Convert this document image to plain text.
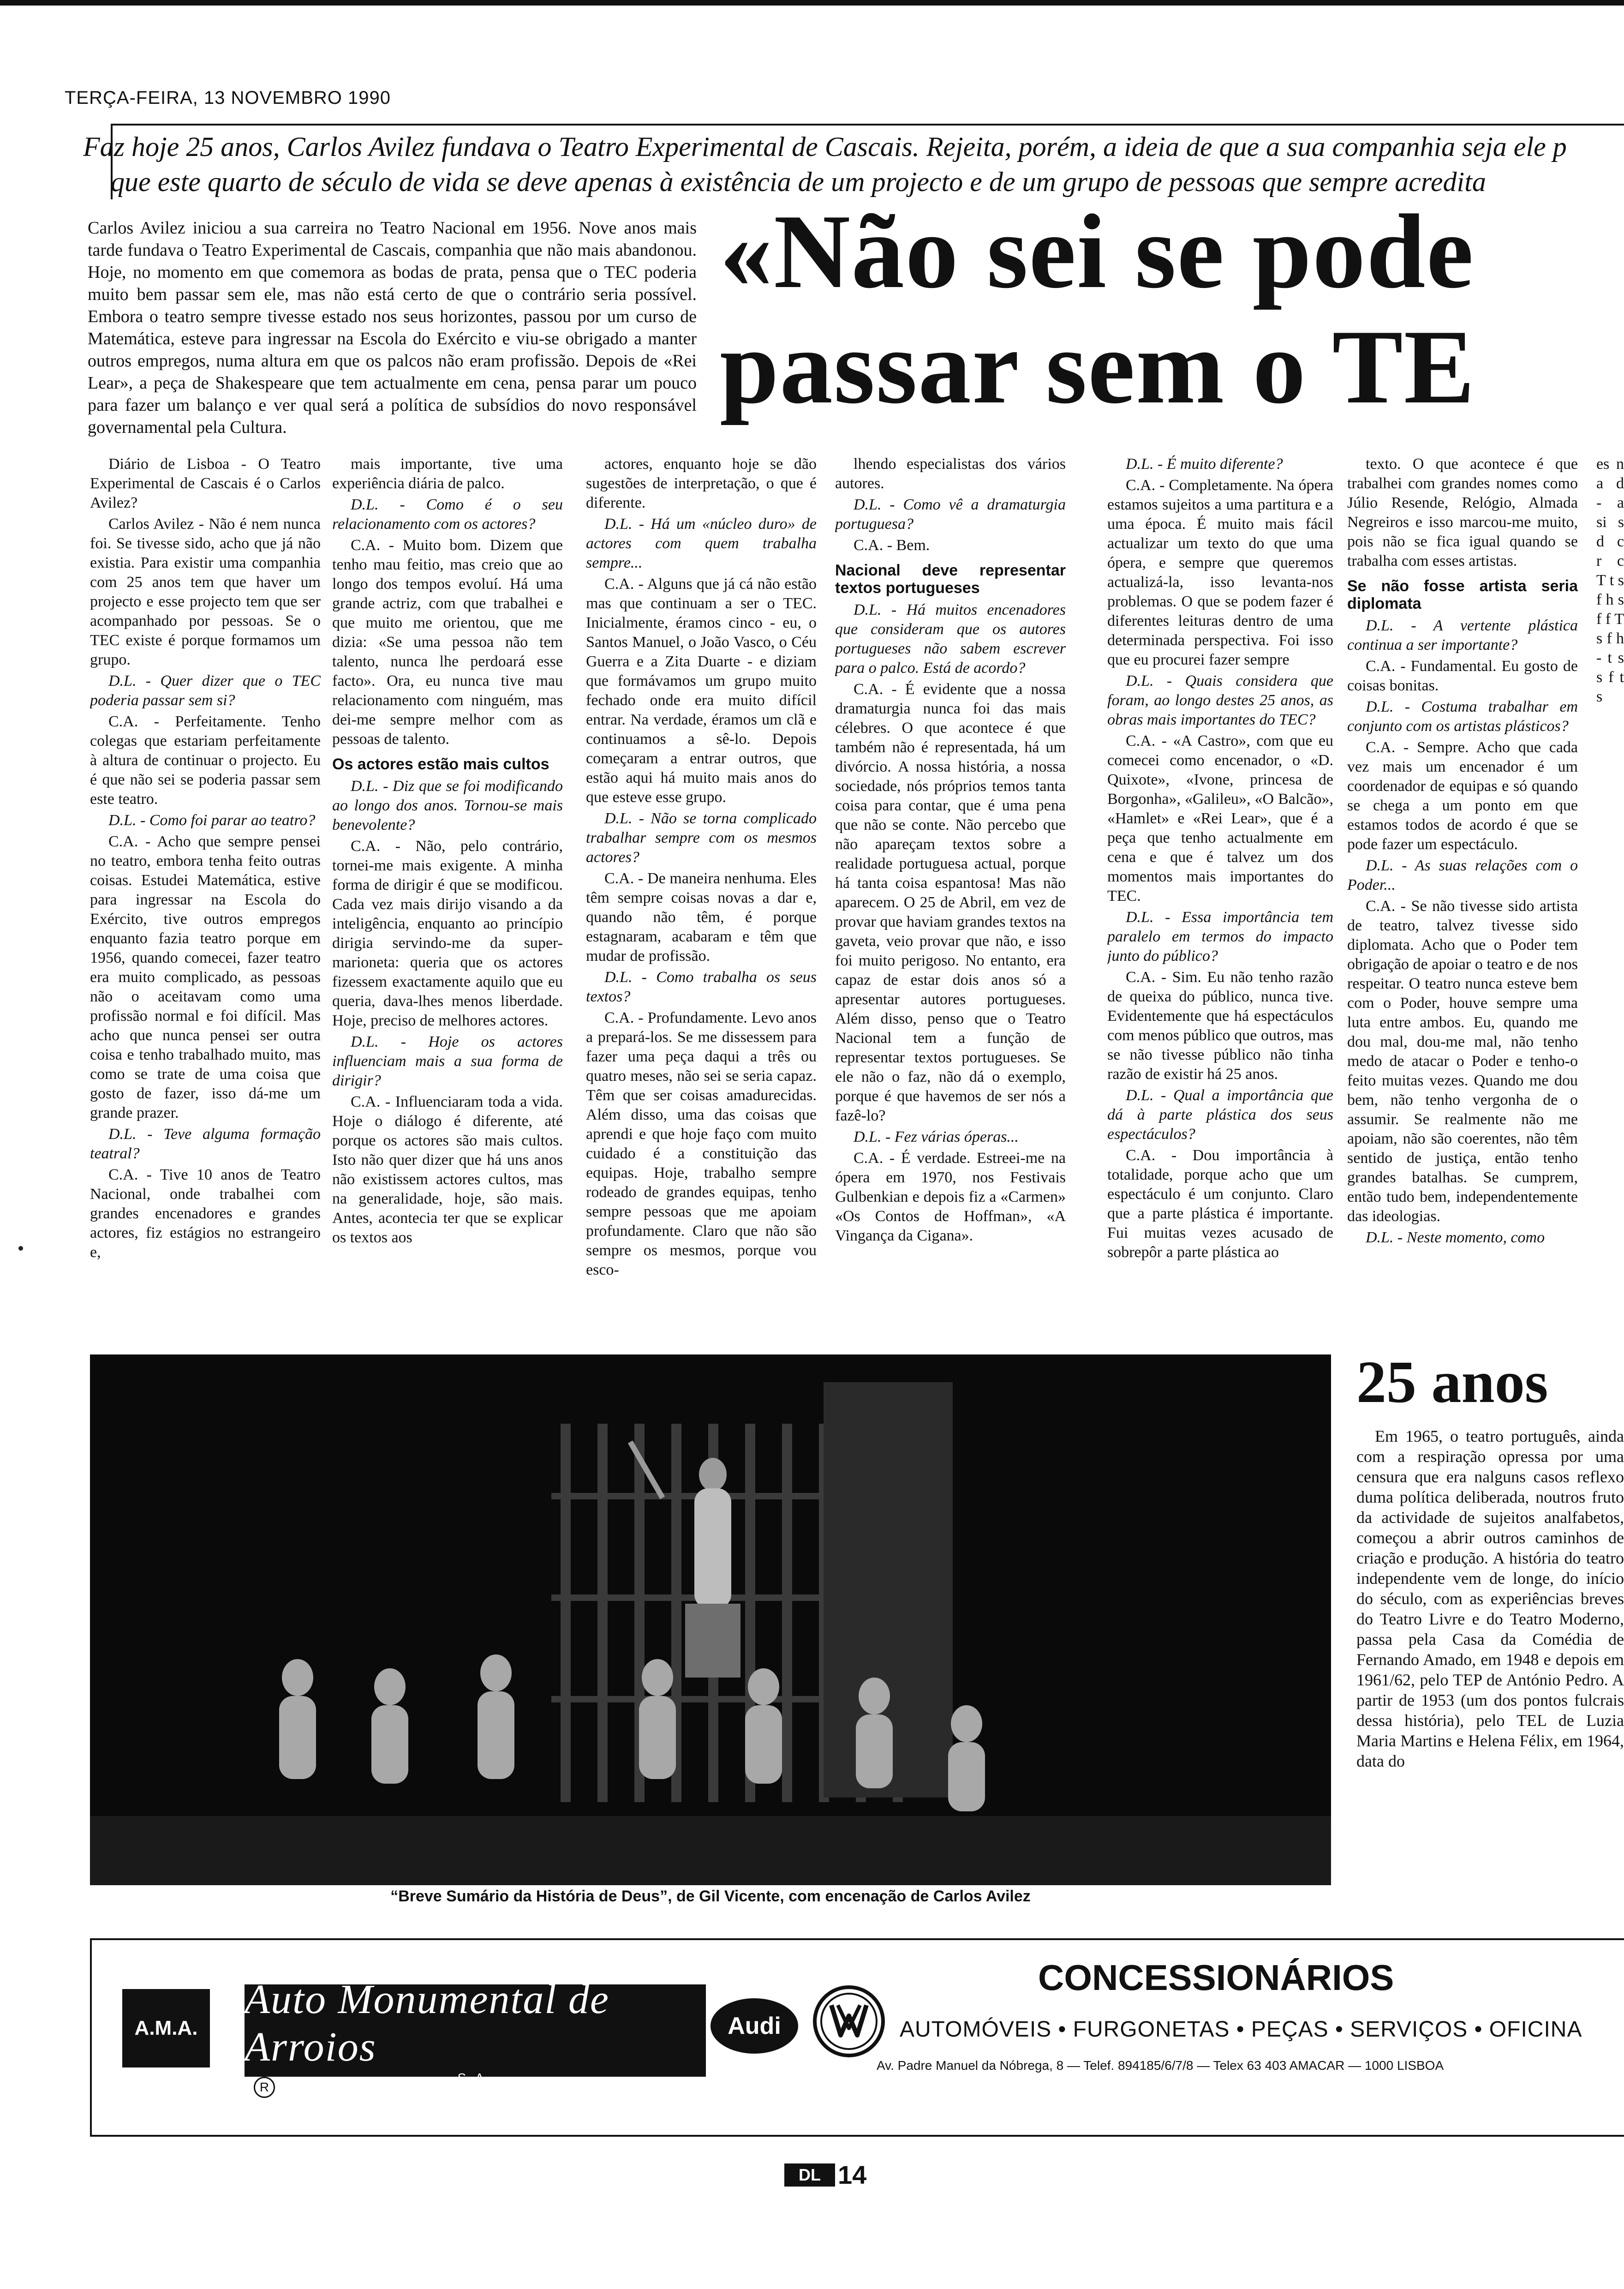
TERÇA-FEIRA, 13 NOVEMBRO 1990
Faz hoje 25 anos, Carlos Avilez fundava o Teatro Experimental de Cascais. Rejeita, porém, a ideia de que a sua companhia seja ele p
que este quarto de século de vida se deve apenas à existência de um projecto e de um grupo de pessoas que sempre acredita
Carlos Avilez iniciou a sua carreira no Teatro Nacional em 1956. Nove anos mais tarde fundava o Teatro Experimental de Cascais, companhia que não mais abandonou. Hoje, no momento em que comemora as bodas de prata, pensa que o TEC poderia muito bem passar sem ele, mas não está certo de que o contrário seria possível. Embora o teatro sempre tivesse estado nos seus horizontes, passou por um curso de Matemática, esteve para ingressar na Escola do Exército e viu-se obrigado a manter outros empregos, numa altura em que os palcos não eram profissão. Depois de «Rei Lear», a peça de Shakespeare que tem actualmente em cena, pensa parar um pouco para fazer um balanço e ver qual será a política de subsídios do novo responsável governamental pela Cultura.
«Não sei se pode
passar sem o TE

Diário de Lisboa - O Teatro Experimental de Cascais é o Carlos Avilez?

Carlos Avilez - Não é nem nunca foi. Se tivesse sido, acho que já não existia. Para existir uma companhia com 25 anos tem que haver um projecto e esse projecto tem que ser acompanhado por pessoas. Se o TEC existe é porque formamos um grupo.

D.L. - Quer dizer que o TEC poderia passar sem si?

C.A. - Perfeitamente. Tenho colegas que estariam perfeitamente à altura de continuar o projecto. Eu é que não sei se poderia passar sem este teatro.

D.L. - Como foi parar ao teatro?

C.A. - Acho que sempre pensei no teatro, embora tenha feito outras coisas. Estudei Matemática, estive para ingressar na Escola do Exército, tive outros empregos enquanto fazia teatro porque em 1956, quando comecei, fazer teatro era muito complicado, as pessoas não o aceitavam como uma profissão normal e foi difícil. Mas acho que nunca pensei ser outra coisa e tenho trabalhado muito, mas como se trate de uma coisa que gosto de fazer, isso dá-me um grande prazer.

D.L. - Teve alguma formação teatral?

C.A. - Tive 10 anos de Teatro Nacional, onde trabalhei com grandes encenadores e grandes actores, fiz estágios no estrangeiro e,

mais importante, tive uma experiência diária de palco.

D.L. - Como é o seu relacionamento com os actores?

C.A. - Muito bom. Dizem que tenho mau feitio, mas creio que ao longo dos tempos evoluí. Há uma grande actriz, com que trabalhei e que muito me orientou, que me dizia: «Se uma pessoa não tem talento, nunca lhe perdoará esse facto». Ora, eu nunca tive mau relacionamento com ninguém, mas dei-me sempre melhor com as pessoas de talento.

Os actores estão mais cultos

D.L. - Diz que se foi modificando ao longo dos anos. Tornou-se mais benevolente?

C.A. - Não, pelo contrário, tornei-me mais exigente. A minha forma de dirigir é que se modificou. Cada vez mais dirijo visando a da inteligência, enquanto ao princípio dirigia servindo-me da super-marioneta: queria que os actores fizessem exactamente aquilo que eu queria, dava-lhes menos liberdade. Hoje, preciso de melhores actores.

D.L. - Hoje os actores influenciam mais a sua forma de dirigir?

C.A. - Influenciaram toda a vida. Hoje o diálogo é diferente, até porque os actores são mais cultos. Isto não quer dizer que há uns anos não existissem actores cultos, mas na generalidade, hoje, são mais. Antes, acontecia ter que se explicar os textos aos

actores, enquanto hoje se dão sugestões de interpretação, o que é diferente.

D.L. - Há um «núcleo duro» de actores com quem trabalha sempre...

C.A. - Alguns que já cá não estão mas que continuam a ser o TEC. Inicialmente, éramos cinco - eu, o Santos Manuel, o João Vasco, o Céu Guerra e a Zita Duarte - e diziam que formávamos um grupo muito fechado onde era muito difícil entrar. Na verdade, éramos um clã e continuamos a sê-lo. Depois começaram a entrar outros, que estão aqui há muito mais anos do que esteve esse grupo.

D.L. - Não se torna complicado trabalhar sempre com os mesmos actores?

C.A. - De maneira nenhuma. Eles têm sempre coisas novas a dar e, quando não têm, é porque estagnaram, acabaram e têm que mudar de profissão.

D.L. - Como trabalha os seus textos?

C.A. - Profundamente. Levo anos a prepará-los. Se me dissessem para fazer uma peça daqui a três ou quatro meses, não sei se seria capaz. Têm que ser coisas amadurecidas. Além disso, uma das coisas que aprendi e que hoje faço com muito cuidado é a constituição das equipas. Hoje, trabalho sempre rodeado de grandes equipas, tenho sempre pessoas que me apoiam profundamente. Claro que não são sempre os mesmos, porque vou esco-

lhendo especialistas dos vários autores.

D.L. - Como vê a dramaturgia portuguesa?

C.A. - Bem.

Nacional deve representar textos portugueses

D.L. - Há muitos encenadores que consideram que os autores portugueses não sabem escrever para o palco. Está de acordo?

C.A. - É evidente que a nossa dramaturgia nunca foi das mais célebres. O que acontece é que também não é representada, há um divórcio. A nossa história, a nossa sociedade, nós próprios temos tanta coisa para contar, que é uma pena que não se conte. Não percebo que não apareçam textos sobre a realidade portuguesa actual, porque há tanta coisa espantosa! Mas não aparecem. O 25 de Abril, em vez de provar que haviam grandes textos na gaveta, veio provar que não, e isso foi muito perigoso. No entanto, era capaz de estar dois anos só a apresentar autores portugueses. Além disso, penso que o Teatro Nacional tem a função de representar textos portugueses. Se ele não o faz, não dá o exemplo, porque é que havemos de ser nós a fazê-lo?

D.L. - Fez várias óperas...

C.A. - É verdade. Estreei-me na ópera em 1970, nos Festivais Gulbenkian e depois fiz a «Carmen» «Os Contos de Hoffman», «A Vingança da Cigana».

D.L. - É muito diferente?

C.A. - Completamente. Na ópera estamos sujeitos a uma partitura e a uma época. É muito mais fácil actualizar um texto do que uma ópera, e sempre que queremos actualizá-la, isso levanta-nos problemas. O que se podem fazer é diferentes leituras dentro de uma determinada perspectiva. Foi isso que eu procurei fazer sempre

D.L. - Quais considera que foram, ao longo destes 25 anos, as obras mais importantes do TEC?

C.A. - «A Castro», com que eu comecei como encenador, o «D. Quixote», «Ivone, princesa de Borgonha», «Galileu», «O Balcão», «Hamlet» e «Rei Lear», que é a peça que tenho actualmente em cena e que é talvez um dos momentos mais importantes do TEC.

D.L. - Essa importância tem paralelo em termos do impacto junto do público?

C.A. - Sim. Eu não tenho razão de queixa do público, nunca tive. Evidentemente que há espectáculos com menos público que outros, mas se não tivesse público não tinha razão de existir há 25 anos.

D.L. - Qual a importância que dá à parte plástica dos seus espectáculos?

C.A. - Dou importância à totalidade, porque acho que um espectáculo é um conjunto. Claro que a parte plástica é importante. Fui muitas vezes acusado de sobrepôr a parte plástica ao

texto. O que acontece é que trabalhei com grandes nomes como Júlio Resende, Relógio, Almada Negreiros e isso marcou-me muito, pois não se fica igual quando se trabalha com esses artistas.

Se não fosse artista seria diplomata

D.L. - A vertente plástica continua a ser importante?

C.A. - Fundamental. Eu gosto de coisas bonitas.

D.L. - Costuma trabalhar em conjunto com os artistas plásticos?

C.A. - Sempre. Acho que cada vez mais um encenador é um coordenador de equipas e só quando se chega a um ponto em que estamos todos de acordo é que se pode fazer um espectáculo.

D.L. - As suas relações com o Poder...

C.A. - Se não tivesse sido artista de teatro, talvez tivesse sido diplomata. Acho que o Poder tem obrigação de apoiar o teatro e de nos respeitar. O teatro nunca esteve bem com o Poder, houve sempre uma luta entre ambos. Eu, quando me dou mal, dou-me mal, não tenho medo de atacar o Poder e tenho-o feito muitas vezes. Quando me dou bem, não tenho vergonha de o assumir. Se realmente não me apoiam, não são coerentes, não têm sentido de justiça, então tenho grandes batalhas. Se cumprem, então tudo bem, independentemente das ideologias.

D.L. - Neste momento, como

es n a d - a si s d c r c T t s f h s f f T s f h - t s s f t s
“Breve Sumário da História de Deus”, de Gil Vicente, com encenação de Carlos Avilez
25 anos

Em 1965, o teatro português, ainda com a respiração opressa por uma censura que era nalguns casos reflexo duma política deliberada, noutros fruto da actividade de sujeitos analfabetos, começou a abrir outros caminhos de criação e produção. A história do teatro independente vem de longe, do início do século, com as experiências breves do Teatro Livre e do Teatro Moderno, passa pela Casa da Comédia de Fernando Amado, em 1948 e depois em 1961/62, pelo TEP de António Pedro. A partir de 1953 (um dos pontos fulcrais dessa história), pelo TEL de Luzia Maria Martins e Helena Félix, em 1964, data do

A.M.A.
Auto Monumental de Arroios
S.A.
R
Audi
CONCESSIONÁRIOS
AUTOMÓVEIS • FURGONETAS • PEÇAS • SERVIÇOS • OFICINA
Av. Padre Manuel da Nóbrega, 8 — Telef. 894185/6/7/8 — Telex 63 403 AMACAR — 1000 LISBOA
DL 14
